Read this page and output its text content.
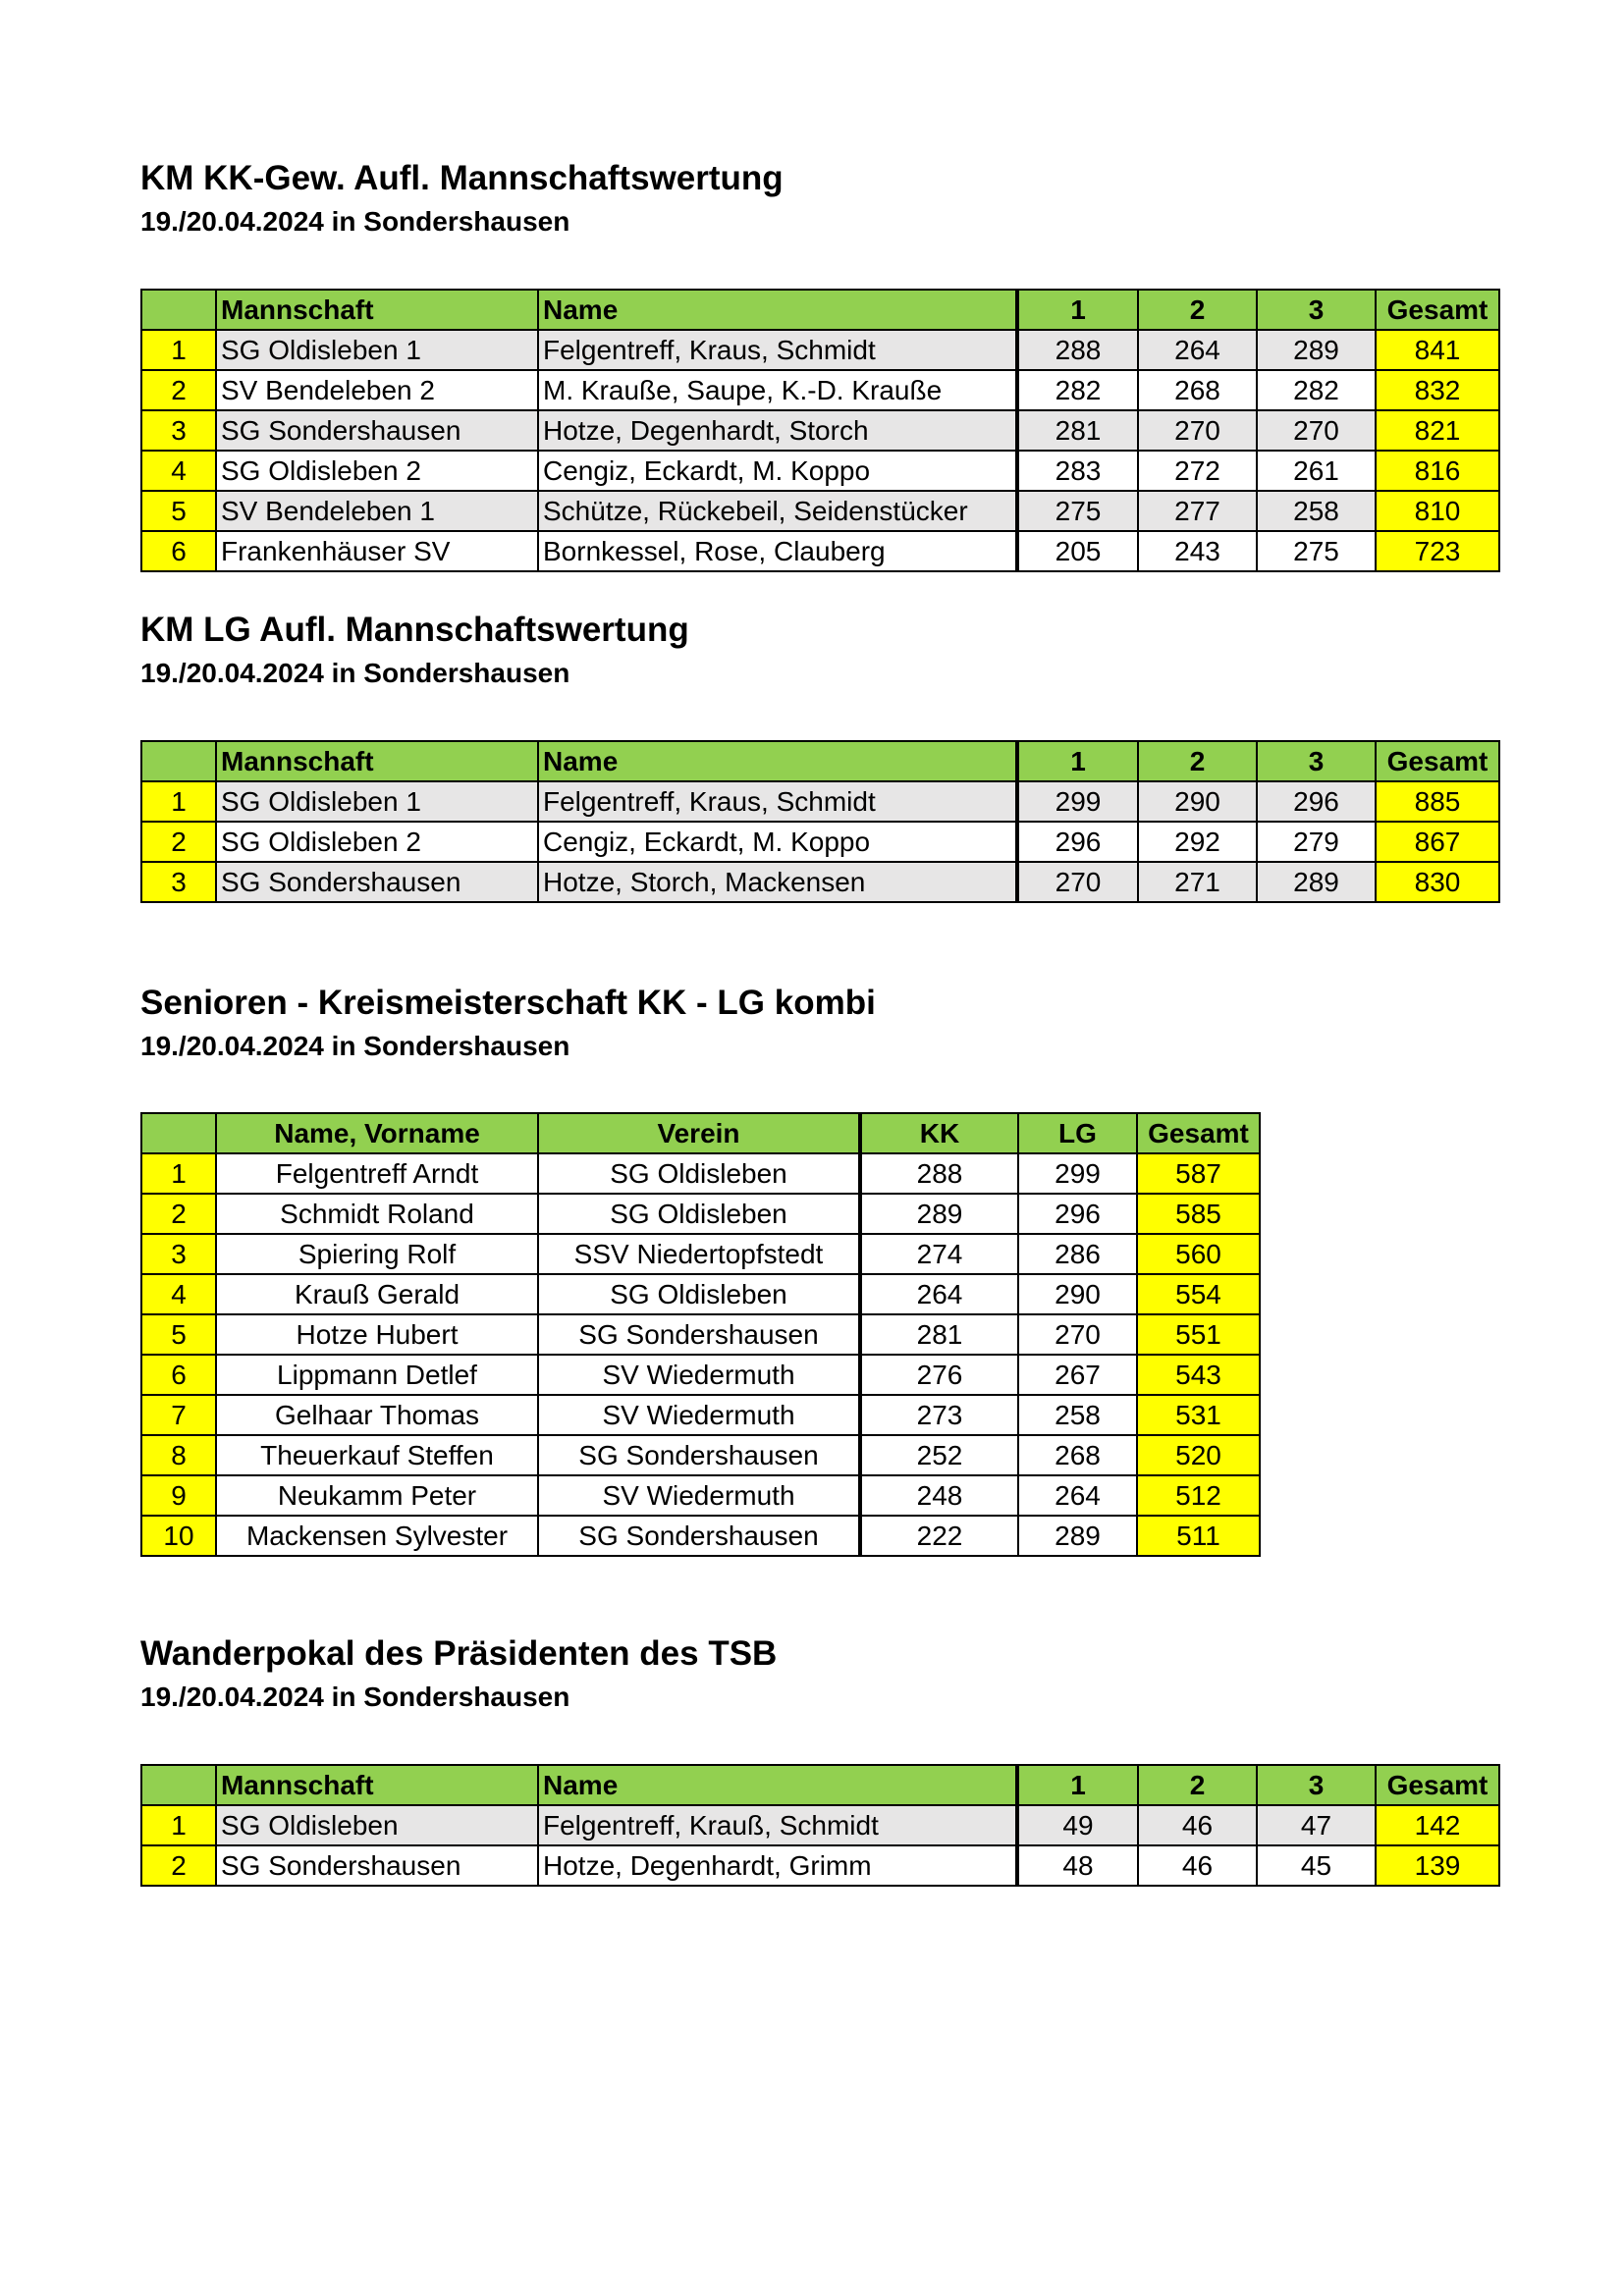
KM KK-Gew. Aufl. Mannschaftswertung
19./20.04.2024 in Sondershausen
	Mannschaft	Name	1	2	3	Gesamt
1	SG Oldisleben 1	Felgentreff, Kraus, Schmidt	288	264	289	841
2	SV Bendeleben 2	M. Krauße, Saupe, K.-D. Krauße	282	268	282	832
3	SG Sondershausen	Hotze, Degenhardt, Storch	281	270	270	821
4	SG Oldisleben 2	Cengiz, Eckardt, M. Koppo	283	272	261	816
5	SV Bendeleben 1	Schütze, Rückebeil, Seidenstücker	275	277	258	810
6	Frankenhäuser SV	Bornkessel, Rose, Clauberg	205	243	275	723
KM LG Aufl. Mannschaftswertung
19./20.04.2024 in Sondershausen
	Mannschaft	Name	1	2	3	Gesamt
1	SG Oldisleben 1	Felgentreff, Kraus, Schmidt	299	290	296	885
2	SG Oldisleben 2	Cengiz, Eckardt, M. Koppo	296	292	279	867
3	SG Sondershausen	Hotze, Storch, Mackensen	270	271	289	830
Senioren - Kreismeisterschaft KK - LG kombi
19./20.04.2024 in Sondershausen
	Name, Vorname	Verein	KK	LG	Gesamt
1	Felgentreff Arndt	SG Oldisleben	288	299	587
2	Schmidt Roland	SG Oldisleben	289	296	585
3	Spiering Rolf	SSV Niedertopfstedt	274	286	560
4	Krauß Gerald	SG Oldisleben	264	290	554
5	Hotze Hubert	SG Sondershausen	281	270	551
6	Lippmann Detlef	SV Wiedermuth	276	267	543
7	Gelhaar Thomas	SV Wiedermuth	273	258	531
8	Theuerkauf Steffen	SG Sondershausen	252	268	520
9	Neukamm Peter	SV Wiedermuth	248	264	512
10	Mackensen Sylvester	SG Sondershausen	222	289	511
Wanderpokal des Präsidenten des TSB
19./20.04.2024 in Sondershausen
	Mannschaft	Name	1	2	3	Gesamt
1	SG Oldisleben	Felgentreff, Krauß, Schmidt	49	46	47	142
2	SG Sondershausen	Hotze, Degenhardt, Grimm	48	46	45	139
